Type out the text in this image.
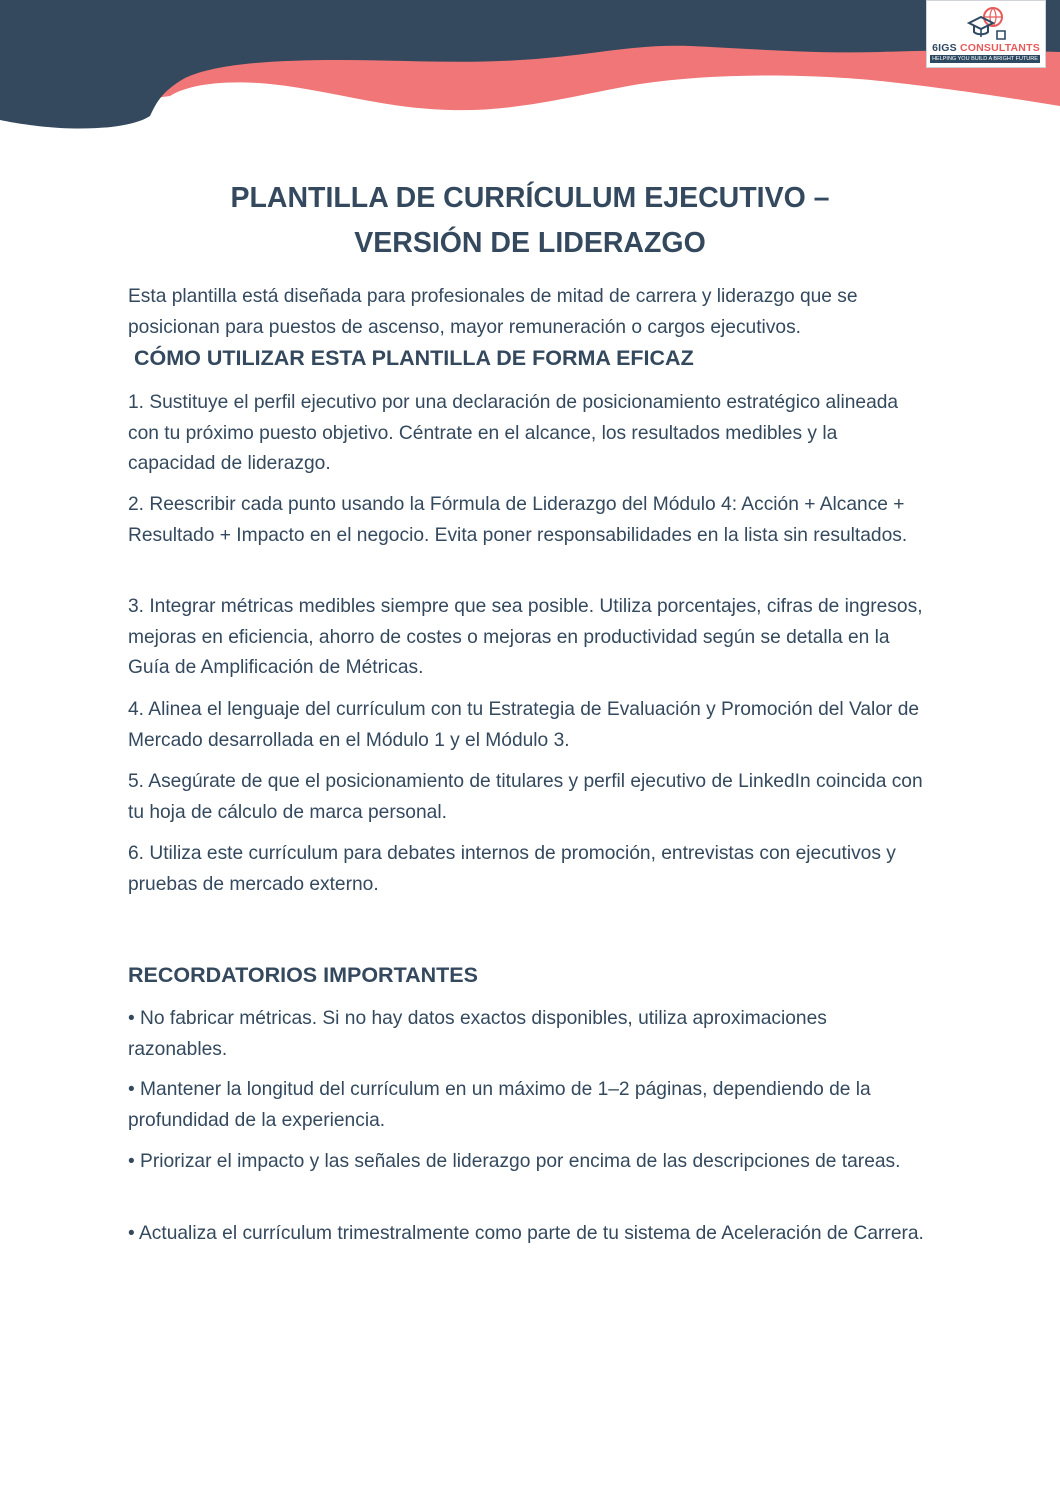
6IGS CONSULTANTS
HELPING YOU BUILD A BRIGHT FUTURE
PLANTILLA DE CURRÍCULUM EJECUTIVO –
VERSIÓN DE LIDERAZGO

Esta plantilla está diseñada para profesionales de mitad de carrera y liderazgo que se posicionan para puestos de ascenso, mayor remuneración o cargos ejecutivos.

CÓMO UTILIZAR ESTA PLANTILLA DE FORMA EFICAZ

1. Sustituye el perfil ejecutivo por una declaración de posicionamiento estratégico alineada con tu próximo puesto objetivo. Céntrate en el alcance, los resultados medibles y la capacidad de liderazgo.

2. Reescribir cada punto usando la Fórmula de Liderazgo del Módulo 4: Acción + Alcance + Resultado + Impacto en el negocio. Evita poner responsabilidades en la lista sin resultados.

3. Integrar métricas medibles siempre que sea posible. Utiliza porcentajes, cifras de ingresos, mejoras en eficiencia, ahorro de costes o mejoras en productividad según se detalla en la Guía de Amplificación de Métricas.

4. Alinea el lenguaje del currículum con tu Estrategia de Evaluación y Promoción del Valor de Mercado desarrollada en el Módulo 1 y el Módulo 3.

5. Asegúrate de que el posicionamiento de titulares y perfil ejecutivo de LinkedIn coincida con tu hoja de cálculo de marca personal.

6. Utiliza este currículum para debates internos de promoción, entrevistas con ejecutivos y pruebas de mercado externo.

RECORDATORIOS IMPORTANTES

• No fabricar métricas. Si no hay datos exactos disponibles, utiliza aproximaciones razonables.

• Mantener la longitud del currículum en un máximo de 1–2 páginas, dependiendo de la profundidad de la experiencia.

• Priorizar el impacto y las señales de liderazgo por encima de las descripciones de tareas.

• Actualiza el currículum trimestralmente como parte de tu sistema de Aceleración de Carrera.
